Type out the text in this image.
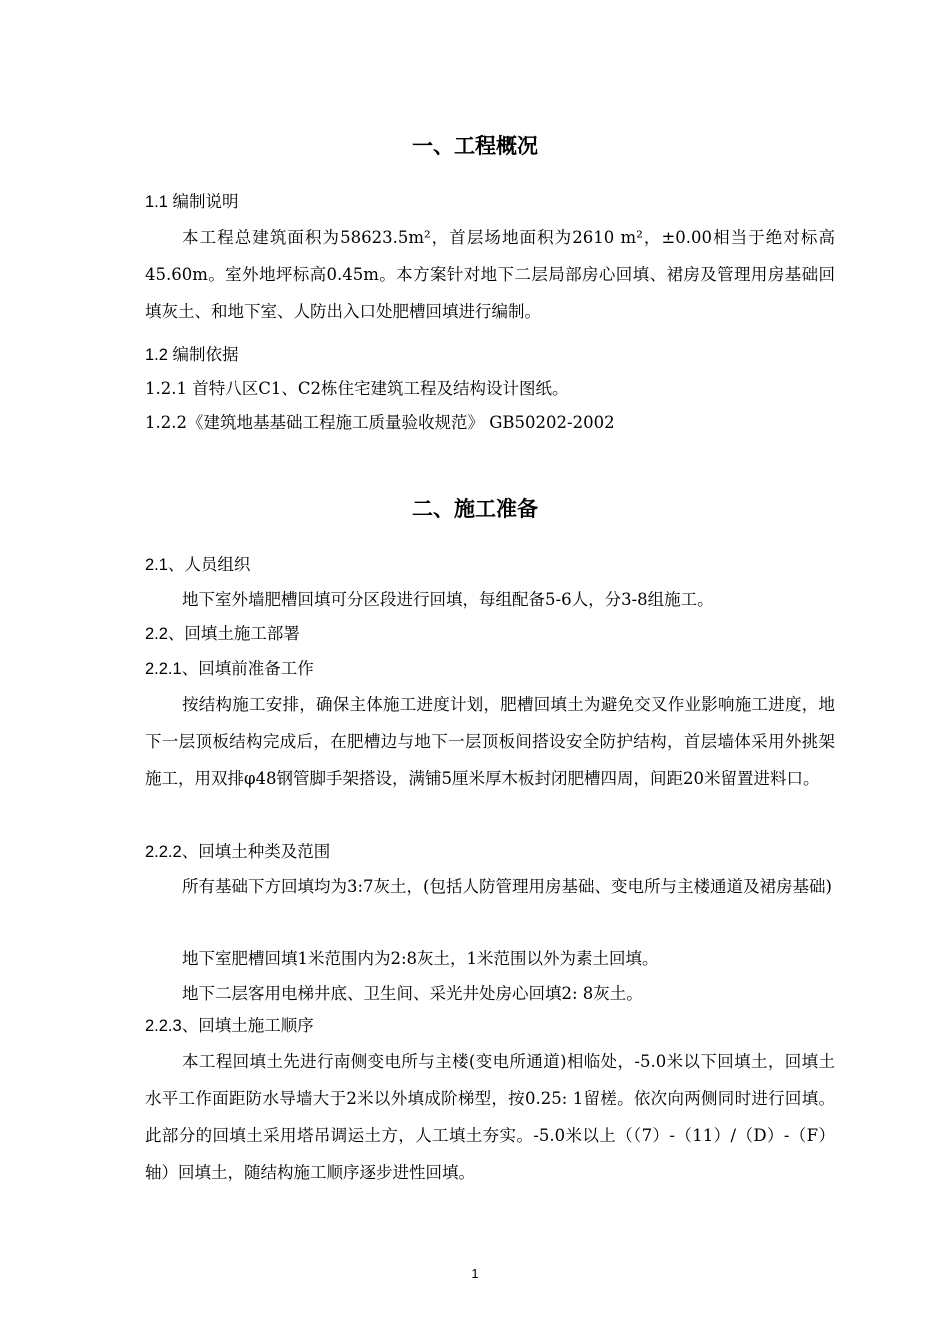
一、工程概况
1.1 编制说明
本工程总建筑面积为58623.5m²，首层场地面积为2610 m²，±0.00相当于绝对标高45.60m。室外地坪标高0.45m。本方案针对地下二层局部房心回填、裙房及管理用房基础回填灰土、和地下室、人防出入口处肥槽回填进行编制。
1.2 编制依据
1.2.1 首特八区C1、C2栋住宅建筑工程及结构设计图纸。
1.2.2《建筑地基基础工程施工质量验收规范》 GB50202-2002
二、施工准备
2.1、人员组织
地下室外墙肥槽回填可分区段进行回填，每组配备5-6人，分3-8组施工。
2.2、回填土施工部署
2.2.1、回填前准备工作
按结构施工安排，确保主体施工进度计划，肥槽回填土为避免交叉作业影响施工进度，地下一层顶板结构完成后，在肥槽边与地下一层顶板间搭设安全防护结构，首层墙体采用外挑架施工，用双排φ48钢管脚手架搭设，满铺5厘米厚木板封闭肥槽四周，间距20米留置进料口。
2.2.2、回填土种类及范围
所有基础下方回填均为3:7灰土，(包括人防管理用房基础、变电所与主楼通道及裙房基础)
地下室肥槽回填1米范围内为2:8灰土，1米范围以外为素土回填。
地下二层客用电梯井底、卫生间、采光井处房心回填2: 8灰土。
2.2.3、回填土施工顺序
本工程回填土先进行南侧变电所与主楼(变电所通道)相临处，-5.0米以下回填土，回填土水平工作面距防水导墙大于2米以外填成阶梯型，按0.25: 1留槎。依次向两侧同时进行回填。此部分的回填土采用塔吊调运土方，人工填土夯实。-5.0米以上（（7）-（11）/（D）-（F）轴）回填土，随结构施工顺序逐步进性回填。
1
